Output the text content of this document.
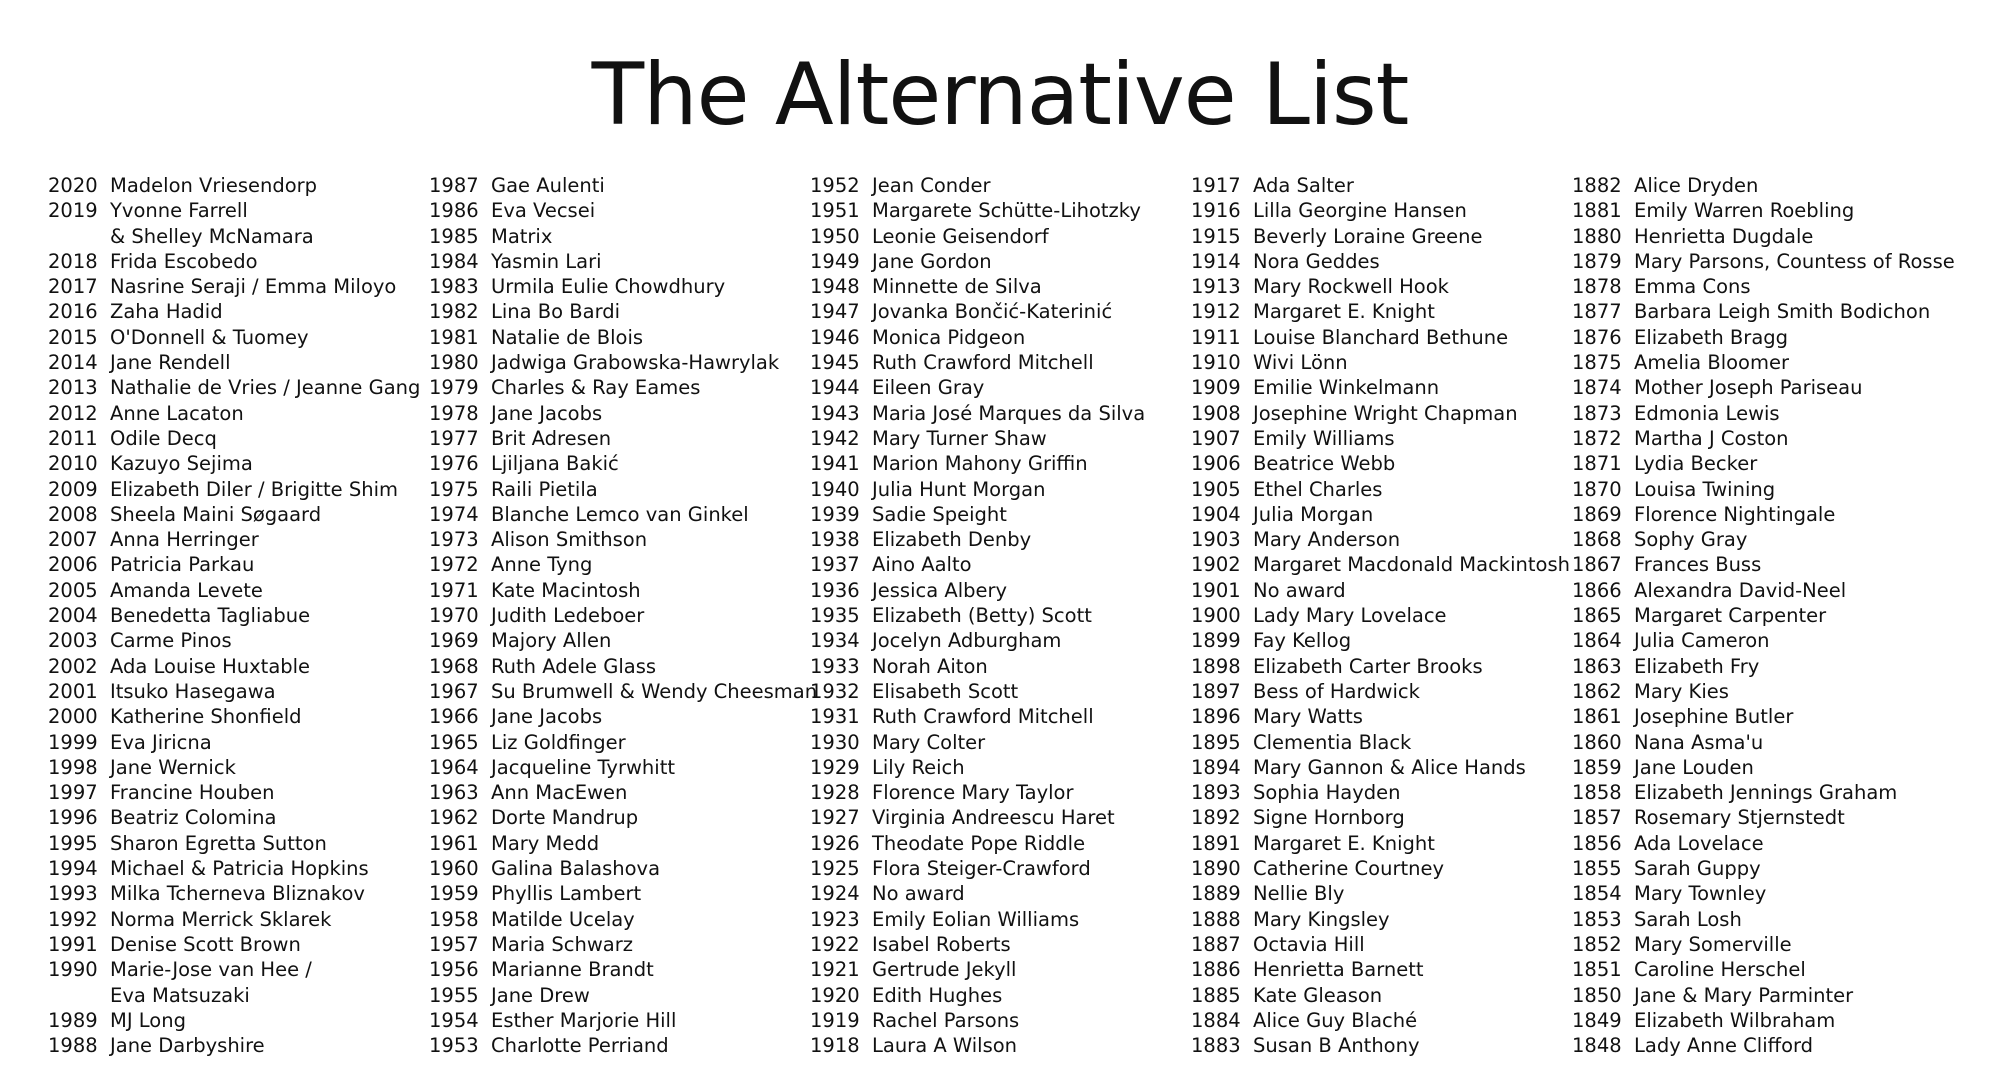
The Alternative List
2020 Madelon Vriesendorp
2019 Yvonne Farrell
& Shelley McNamara
2018 Frida Escobedo
2017 Nasrine Seraji / Emma Miloyo
2016 Zaha Hadid
2015 O'Donnell & Tuomey
2014 Jane Rendell
2013 Nathalie de Vries / Jeanne Gang
2012 Anne Lacaton
2011 Odile Decq
2010 Kazuyo Sejima
2009 Elizabeth Diler / Brigitte Shim
2008 Sheela Maini Søgaard
2007 Anna Herringer
2006 Patricia Parkau
2005 Amanda Levete
2004 Benedetta Tagliabue
2003 Carme Pinos
2002 Ada Louise Huxtable
2001 Itsuko Hasegawa
2000 Katherine Shonfield
1999 Eva Jiricna
1998 Jane Wernick
1997 Francine Houben
1996 Beatriz Colomina
1995 Sharon Egretta Sutton
1994 Michael & Patricia Hopkins
1993 Milka Tcherneva Bliznakov
1992 Norma Merrick Sklarek
1991 Denise Scott Brown
1990 Marie-Jose van Hee /
Eva Matsuzaki
1989 MJ Long
1988 Jane Darbyshire
1987 Gae Aulenti
1986 Eva Vecsei
1985 Matrix
1984 Yasmin Lari
1983 Urmila Eulie Chowdhury
1982 Lina Bo Bardi
1981 Natalie de Blois
1980 Jadwiga Grabowska-Hawrylak
1979 Charles & Ray Eames
1978 Jane Jacobs
1977 Brit Adresen
1976 Ljiljana Bakić
1975 Raili Pietila
1974 Blanche Lemco van Ginkel
1973 Alison Smithson
1972 Anne Tyng
1971 Kate Macintosh
1970 Judith Ledeboer
1969 Majory Allen
1968 Ruth Adele Glass
1967 Su Brumwell & Wendy Cheesman
1966 Jane Jacobs
1965 Liz Goldfinger
1964 Jacqueline Tyrwhitt
1963 Ann MacEwen
1962 Dorte Mandrup
1961 Mary Medd
1960 Galina Balashova
1959 Phyllis Lambert
1958 Matilde Ucelay
1957 Maria Schwarz
1956 Marianne Brandt
1955 Jane Drew
1954 Esther Marjorie Hill
1953 Charlotte Perriand
1952 Jean Conder
1951 Margarete Schütte-Lihotzky
1950 Leonie Geisendorf
1949 Jane Gordon
1948 Minnette de Silva
1947 Jovanka Bončić-Katerinić
1946 Monica Pidgeon
1945 Ruth Crawford Mitchell
1944 Eileen Gray
1943 Maria José Marques da Silva
1942 Mary Turner Shaw
1941 Marion Mahony Griffin
1940 Julia Hunt Morgan
1939 Sadie Speight
1938 Elizabeth Denby
1937 Aino Aalto
1936 Jessica Albery
1935 Elizabeth (Betty) Scott
1934 Jocelyn Adburgham
1933 Norah Aiton
1932 Elisabeth Scott
1931 Ruth Crawford Mitchell
1930 Mary Colter
1929 Lily Reich
1928 Florence Mary Taylor
1927 Virginia Andreescu Haret
1926 Theodate Pope Riddle
1925 Flora Steiger-Crawford
1924 No award
1923 Emily Eolian Williams
1922 Isabel Roberts
1921 Gertrude Jekyll
1920 Edith Hughes
1919 Rachel Parsons
1918 Laura A Wilson
1917 Ada Salter
1916 Lilla Georgine Hansen
1915 Beverly Loraine Greene
1914 Nora Geddes
1913 Mary Rockwell Hook
1912 Margaret E. Knight
1911 Louise Blanchard Bethune
1910 Wivi Lönn
1909 Emilie Winkelmann
1908 Josephine Wright Chapman
1907 Emily Williams
1906 Beatrice Webb
1905 Ethel Charles
1904 Julia Morgan
1903 Mary Anderson
1902 Margaret Macdonald Mackintosh
1901 No award
1900 Lady Mary Lovelace
1899 Fay Kellog
1898 Elizabeth Carter Brooks
1897 Bess of Hardwick
1896 Mary Watts
1895 Clementia Black
1894 Mary Gannon & Alice Hands
1893 Sophia Hayden
1892 Signe Hornborg
1891 Margaret E. Knight
1890 Catherine Courtney
1889 Nellie Bly
1888 Mary Kingsley
1887 Octavia Hill
1886 Henrietta Barnett
1885 Kate Gleason
1884 Alice Guy Blaché
1883 Susan B Anthony
1882 Alice Dryden
1881 Emily Warren Roebling
1880 Henrietta Dugdale
1879 Mary Parsons, Countess of Rosse
1878 Emma Cons
1877 Barbara Leigh Smith Bodichon
1876 Elizabeth Bragg
1875 Amelia Bloomer
1874 Mother Joseph Pariseau
1873 Edmonia Lewis
1872 Martha J Coston
1871 Lydia Becker
1870 Louisa Twining
1869 Florence Nightingale
1868 Sophy Gray
1867 Frances Buss
1866 Alexandra David-Neel
1865 Margaret Carpenter
1864 Julia Cameron
1863 Elizabeth Fry
1862 Mary Kies
1861 Josephine Butler
1860 Nana Asma'u
1859 Jane Louden
1858 Elizabeth Jennings Graham
1857 Rosemary Stjernstedt
1856 Ada Lovelace
1855 Sarah Guppy
1854 Mary Townley
1853 Sarah Losh
1852 Mary Somerville
1851 Caroline Herschel
1850 Jane & Mary Parminter
1849 Elizabeth Wilbraham
1848 Lady Anne Clifford
